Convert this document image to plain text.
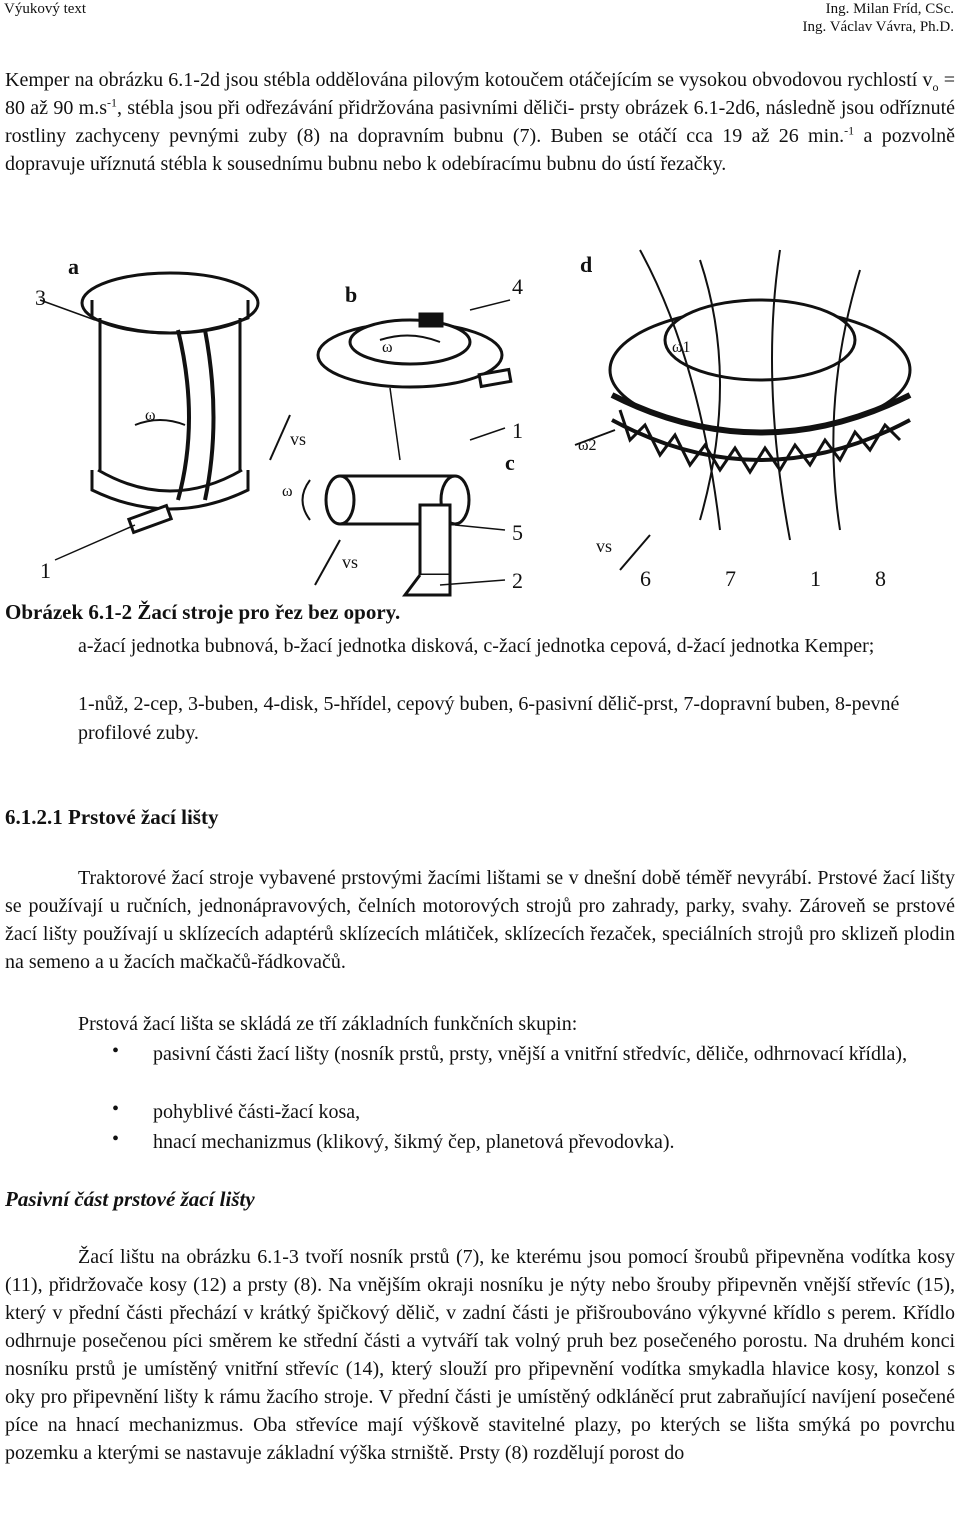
Výukový text	Ing. Milan Fríd, CSc.
Ing. Václav Vávra, Ph.D.

Kemper na obrázku 6.1-2d jsou stébla oddělována pilovým kotoučem otáčejícím se vysokou obvodovou rychlostí $v_o = 80$ až 90 $m.s^{-1}$, stébla jsou při odřezávání přidržována pasivními děliči- prsty obrázek 6.1-2d6, následně jsou odříznuté rostliny zachyceny pevnými zuby (8) na dopravním bubnu (7). Buben se otáčí cca 19 až 26 min.$^{-1}$ a pozvolně dopravuje uříznutá stébla k sousednímu bubnu nebo k odebíracímu bubnu do ústí řezačky.

a
b
c
d
1
3	4
1
5
2	6	7	1 8
vs
vs
vs
ω
ω
ω
ω1
ω2
Obrázek 6.1-2 Žací stroje pro řez bez opory.
a-žací jednotka bubnová, b-žací jednotka disková, c-žací jednotka cepová, d-žací jednotka Kemper;
1-nůž, 2-cep, 3-buben, 4-disk, 5-hřídel, cepový buben, 6-pasivní dělič-prst, 7-dopravní buben, 8-pevné profilové zuby.
6.1.2.1 Prstové žací lišty

Traktorové žací stroje vybavené prstovými žacími lištami se v dnešní době téměř nevyrábí. Prstové žací lišty se používají u ručních, jednonápravových, čelních motorových strojů pro zahrady, parky, svahy. Zároveň se prstové žací lišty používají u sklízecích adaptérů sklízecích mlátiček, sklízecích řezaček, speciálních strojů pro sklizeň plodin na semeno a u žacích mačkačů-řádkovačů.

Prstová žací lišta se skládá ze tří základních funkčních skupin:

• pasivní části žací lišty (nosník prstů, prsty, vnější a vnitřní středvíc, děliče, odhrnovací křídla),
• pohyblivé části-žací kosa,
• hnací mechanizmus (klikový, šikmý čep, planetová převodovka).
Pasivní část prstové žací lišty

Žací lištu na obrázku 6.1-3 tvoří nosník prstů (7), ke kterému jsou pomocí šroubů připevněna vodítka kosy (11), přidržovače kosy (12) a prsty (8). Na vnějším okraji nosníku je nýty nebo šrouby připevněn vnější střevíc (15), který v přední části přechází v krátký špičkový dělič, v zadní části je přišroubováno výkyvné křídlo s perem. Křídlo odhrnuje posečenou píci směrem ke střední části a vytváří tak volný pruh bez posečeného porostu. Na druhém konci nosníku prstů je umístěný vnitřní střevíc (14), který slouží pro připevnění vodítka smykadla hlavice kosy, konzol s oky pro připevnění lišty k rámu žacího stroje. V přední části je umístěný odkláněcí prut zabraňující navíjení posečené píce na hnací mechanizmus. Oba střevíce mají výškově stavitelné plazy, po kterých se lišta smýká po povrchu pozemku a kterými se nastavuje základní výška strniště. Prsty (8) rozdělují porost do
